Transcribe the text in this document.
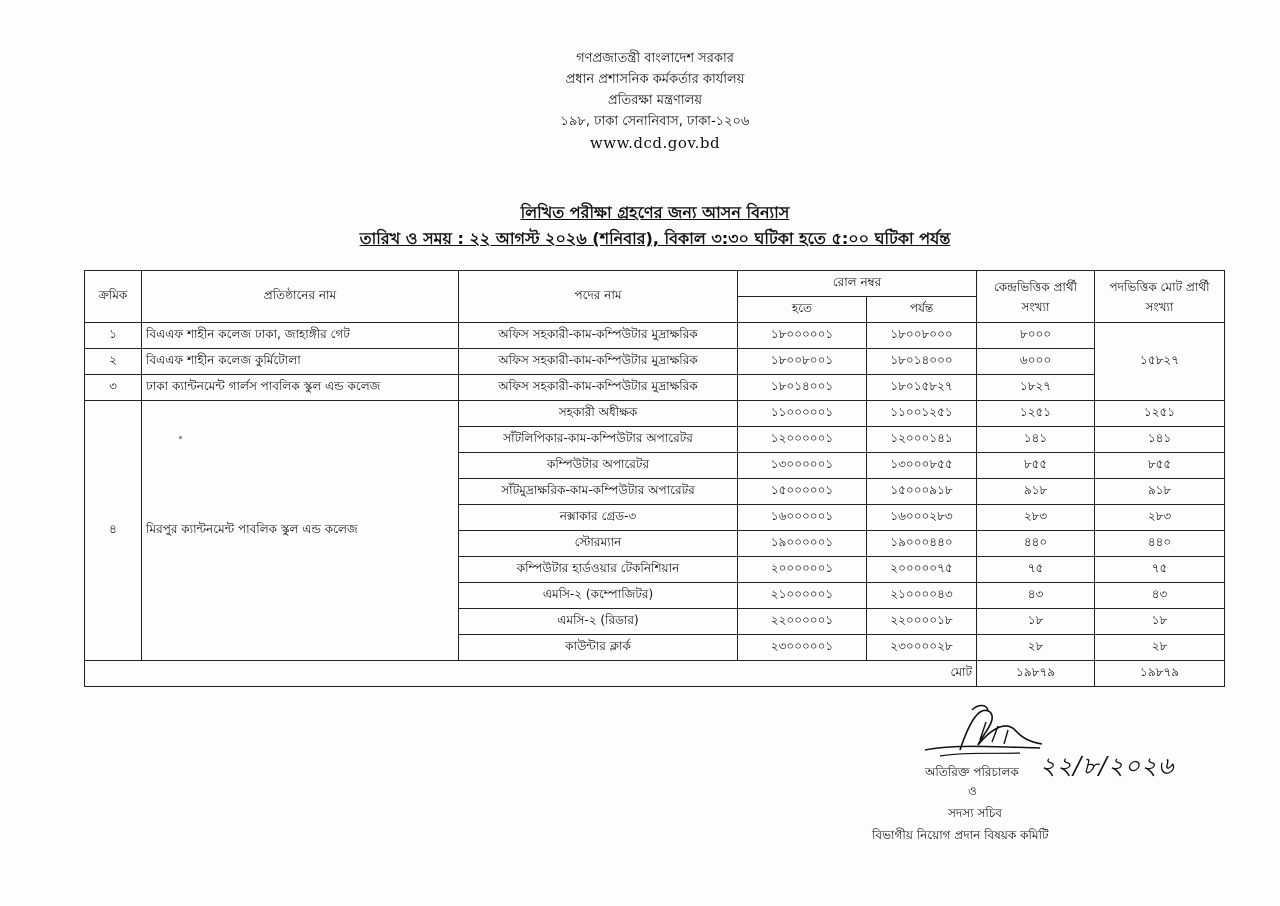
গণপ্রজাতন্ত্রী বাংলাদেশ সরকার
প্রধান প্রশাসনিক কর্মকর্তার কার্যালয়
প্রতিরক্ষা মন্ত্রণালয়
১৯৮, ঢাকা সেনানিবাস, ঢাকা-১২০৬
www.dcd.gov.bd
লিখিত পরীক্ষা গ্রহণের জন্য আসন বিন্যাস
তারিখ ও সময় : ২২ আগস্ট ২০২৬ (শনিবার), বিকাল ৩:৩০ ঘটিকা হতে ৫:০০ ঘটিকা পর্যন্ত
ক্রমিক	প্রতিষ্ঠানের নাম	পদের নাম	রোল নম্বর		কেন্দ্রভিত্তিক প্রার্থী সংখ্যা	পদভিত্তিক মোট প্রার্থী সংখ্যা
			হতে	পর্যন্ত		
১	বিএএফ শাহীন কলেজ ঢাকা, জাহাঙ্গীর গেট	অফিস সহকারী-কাম-কম্পিউটার মুদ্রাক্ষরিক	১৮০০০০০১	১৮০০৮০০০	৮০০০	১৫৮২৭
২	বিএএফ শাহীন কলেজ কুর্মিটোলা	অফিস সহকারী-কাম-কম্পিউটার মুদ্রাক্ষরিক	১৮০০৮০০১	১৮০১৪০০০	৬০০০	
৩	ঢাকা ক্যান্টনমেন্ট গার্লস পাবলিক স্কুল এন্ড কলেজ	অফিস সহকারী-কাম-কম্পিউটার মুদ্রাক্ষরিক	১৮০১৪০০১	১৮০১৫৮২৭	১৮২৭	
৪	মিরপুর ক্যান্টনমেন্ট পাবলিক স্কুল এন্ড কলেজ	সহকারী অধীক্ষক	১১০০০০০১	১১০০১২৫১	১২৫১	১২৫১
		সাঁটলিপিকার-কাম-কম্পিউটার অপারেটর	১২০০০০০১	১২০০০১৪১	১৪১	১৪১
		কম্পিউটার অপারেটর	১৩০০০০০১	১৩০০০৮৫৫	৮৫৫	৮৫৫
		সাঁটমুদ্রাক্ষরিক-কাম-কম্পিউটার অপারেটর	১৫০০০০০১	১৫০০০৯১৮	৯১৮	৯১৮
		নক্সাকার গ্রেড-৩	১৬০০০০০১	১৬০০০২৮৩	২৮৩	২৮৩
		স্টোরম্যান	১৯০০০০০১	১৯০০০৪৪০	৪৪০	৪৪০
		কম্পিউটার হার্ডওয়ার টেকনিশিয়ান	২০০০০০০১	২০০০০০৭৫	৭৫	৭৫
		এমসি-২ (কম্পোজিটর)	২১০০০০০১	২১০০০০৪৩	৪৩	৪৩
		এমসি-২ (রিডার)	২২০০০০০১	২২০০০০১৮	১৮	১৮
		কাউন্টার ক্লার্ক	২৩০০০০০১	২৩০০০০২৮	২৮	২৮
মোট					১৯৮৭৯	১৯৮৭৯
২২/৮/২০২৬
অতিরিক্ত পরিচালক
ও
সদস্য সচিব
বিভাগীয় নিয়োগ প্রদান বিষয়ক কমিটি
